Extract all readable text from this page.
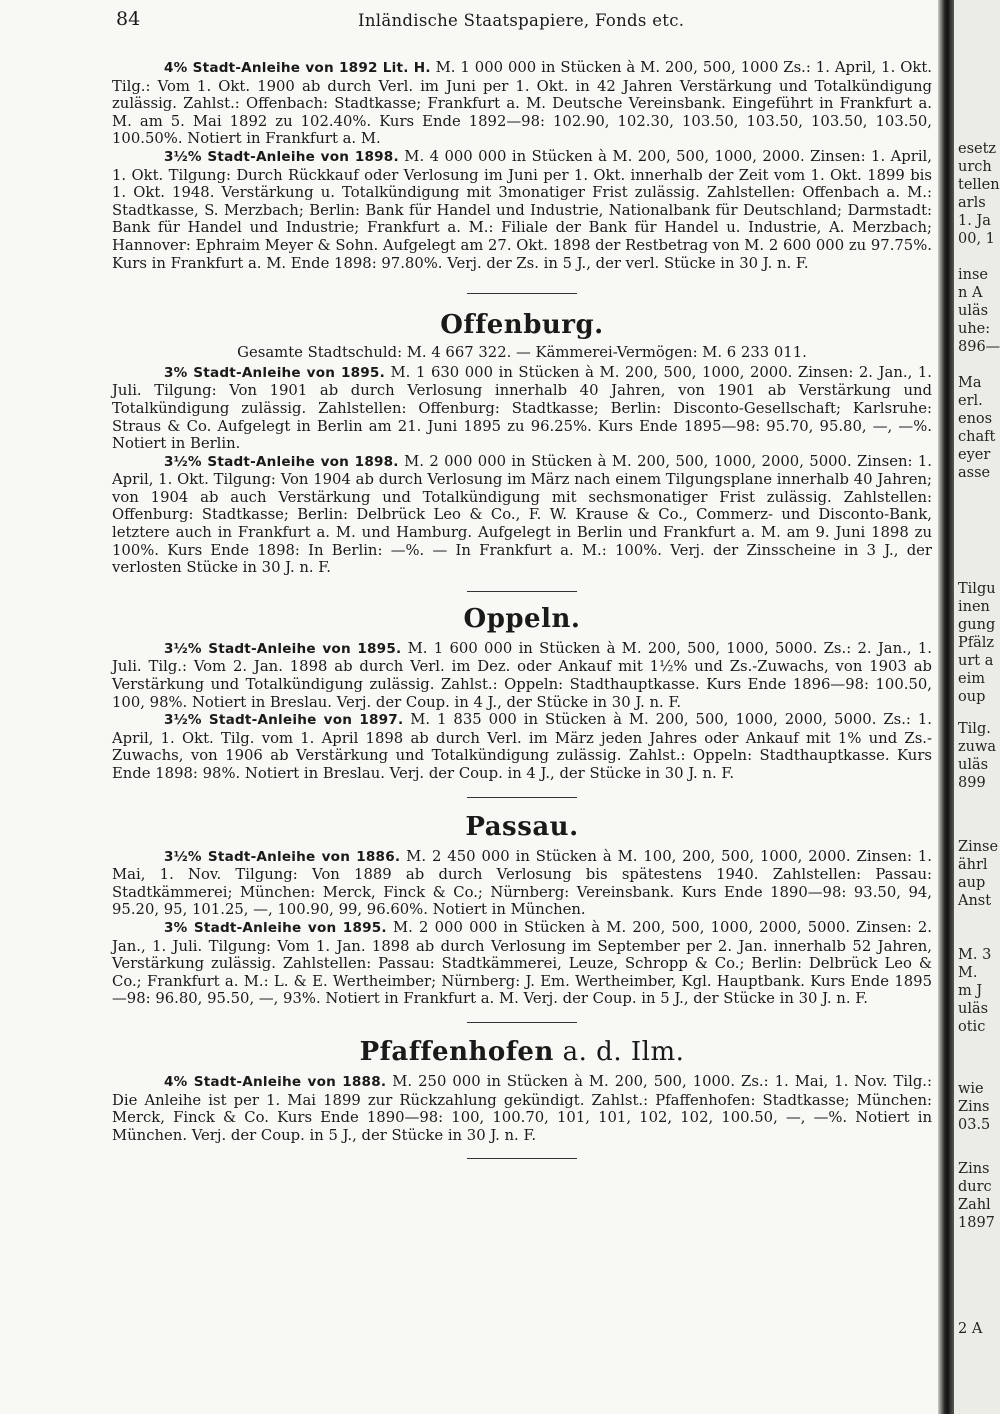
84	Inländische Staatspapiere, Fonds etc.

4% Stadt-Anleihe von 1892 Lit. H. M. 1 000 000 in Stücken à M. 200, 500, 1000 Zs.: 1. April, 1. Okt. Tilg.: Vom 1. Okt. 1900 ab durch Verl. im Juni per 1. Okt. in 42 Jahren Verstärkung und Totalkündigung zulässig. Zahlst.: Offenbach: Stadtkasse; Frankfurt a. M. Deutsche Vereinsbank. Eingeführt in Frankfurt a. M. am 5. Mai 1892 zu 102.40%. Kurs Ende 1892—98: 102.90, 102.30, 103.50, 103.50, 103.50, 103.50, 100.50%. Notiert in Frankfurt a. M.

3½% Stadt-Anleihe von 1898. M. 4 000 000 in Stücken à M. 200, 500, 1000, 2000. Zinsen: 1. April, 1. Okt. Tilgung: Durch Rückkauf oder Verlosung im Juni per 1. Okt. innerhalb der Zeit vom 1. Okt. 1899 bis 1. Okt. 1948. Verstärkung u. Totalkündigung mit 3monatiger Frist zulässig. Zahlstellen: Offenbach a. M.: Stadtkasse, S. Merzbach; Berlin: Bank für Handel und Industrie, Nationalbank für Deutschland; Darmstadt: Bank für Handel und Industrie; Frankfurt a. M.: Filiale der Bank für Handel u. Industrie, A. Merzbach; Hannover: Ephraim Meyer & Sohn. Aufgelegt am 27. Okt. 1898 der Restbetrag von M. 2 600 000 zu 97.75%. Kurs in Frankfurt a. M. Ende 1898: 97.80%. Verj. der Zs. in 5 J., der verl. Stücke in 30 J. n. F.

Offenburg.

Gesamte Stadtschuld: M. 4 667 322. — Kämmerei-Vermögen: M. 6 233 011.

3% Stadt-Anleihe von 1895. M. 1 630 000 in Stücken à M. 200, 500, 1000, 2000. Zinsen: 2. Jan., 1. Juli. Tilgung: Von 1901 ab durch Verlosung innerhalb 40 Jahren, von 1901 ab Verstärkung und Totalkündigung zulässig. Zahlstellen: Offenburg: Stadtkasse; Berlin: Disconto-Gesellschaft; Karlsruhe: Straus & Co. Aufgelegt in Berlin am 21. Juni 1895 zu 96.25%. Kurs Ende 1895—98: 95.70, 95.80, —, —%. Notiert in Berlin.

3½% Stadt-Anleihe von 1898. M. 2 000 000 in Stücken à M. 200, 500, 1000, 2000, 5000. Zinsen: 1. April, 1. Okt. Tilgung: Von 1904 ab durch Verlosung im März nach einem Tilgungsplane innerhalb 40 Jahren; von 1904 ab auch Verstärkung und Totalkündigung mit sechsmonatiger Frist zulässig. Zahlstellen: Offenburg: Stadtkasse; Berlin: Delbrück Leo & Co., F. W. Krause & Co., Commerz- und Disconto-Bank, letztere auch in Frankfurt a. M. und Hamburg. Aufgelegt in Berlin und Frankfurt a. M. am 9. Juni 1898 zu 100%. Kurs Ende 1898: In Berlin: —%. — In Frankfurt a. M.: 100%. Verj. der Zinsscheine in 3 J., der verlosten Stücke in 30 J. n. F.

Oppeln.

3½% Stadt-Anleihe von 1895. M. 1 600 000 in Stücken à M. 200, 500, 1000, 5000. Zs.: 2. Jan., 1. Juli. Tilg.: Vom 2. Jan. 1898 ab durch Verl. im Dez. oder Ankauf mit 1½% und Zs.-Zuwachs, von 1903 ab Verstärkung und Totalkündigung zulässig. Zahlst.: Oppeln: Stadthauptkasse. Kurs Ende 1896—98: 100.50, 100, 98%. Notiert in Breslau. Verj. der Coup. in 4 J., der Stücke in 30 J. n. F.

3½% Stadt-Anleihe von 1897. M. 1 835 000 in Stücken à M. 200, 500, 1000, 2000, 5000. Zs.: 1. April, 1. Okt. Tilg. vom 1. April 1898 ab durch Verl. im März jeden Jahres oder Ankauf mit 1% und Zs.-Zuwachs, von 1906 ab Verstärkung und Totalkündigung zulässig. Zahlst.: Oppeln: Stadthauptkasse. Kurs Ende 1898: 98%. Notiert in Breslau. Verj. der Coup. in 4 J., der Stücke in 30 J. n. F.

Passau.

3½% Stadt-Anleihe von 1886. M. 2 450 000 in Stücken à M. 100, 200, 500, 1000, 2000. Zinsen: 1. Mai, 1. Nov. Tilgung: Von 1889 ab durch Verlosung bis spätestens 1940. Zahlstellen: Passau: Stadtkämmerei; München: Merck, Finck & Co.; Nürnberg: Vereinsbank. Kurs Ende 1890—98: 93.50, 94, 95.20, 95, 101.25, —, 100.90, 99, 96.60%. Notiert in München.

3% Stadt-Anleihe von 1895. M. 2 000 000 in Stücken à M. 200, 500, 1000, 2000, 5000. Zinsen: 2. Jan., 1. Juli. Tilgung: Vom 1. Jan. 1898 ab durch Verlosung im September per 2. Jan. innerhalb 52 Jahren, Verstärkung zulässig. Zahlstellen: Passau: Stadtkämmerei, Leuze, Schropp & Co.; Berlin: Delbrück Leo & Co.; Frankfurt a. M.: L. & E. Wertheimber; Nürnberg: J. Em. Wertheimber, Kgl. Hauptbank. Kurs Ende 1895—98: 96.80, 95.50, —, 93%. Notiert in Frankfurt a. M. Verj. der Coup. in 5 J., der Stücke in 30 J. n. F.

Pfaffenhofen a. d. Ilm.

4% Stadt-Anleihe von 1888. M. 250 000 in Stücken à M. 200, 500, 1000. Zs.: 1. Mai, 1. Nov. Tilg.: Die Anleihe ist per 1. Mai 1899 zur Rückzahlung gekündigt. Zahlst.: Pfaffenhofen: Stadtkasse; München: Merck, Finck & Co. Kurs Ende 1890—98: 100, 100.70, 101, 101, 102, 102, 100.50, —, —%. Notiert in München. Verj. der Coup. in 5 J., der Stücke in 30 J. n. F.

esetz
urch
tellen
arls
1. Ja
00, 1
inse
n A
uläs
uhe:
896—
Ma
erl.
enos
chaft
eyer
asse
Tilgu
inen
gung
Pfälz
urt a
eim
oup
Tilg.
zuwa
uläs
899
Zinse
ährl
aup
Anst
M. 3
M.
m J
uläs
otic
wie
Zins
03.5
Zins
durc
Zahl
1897
2 A
